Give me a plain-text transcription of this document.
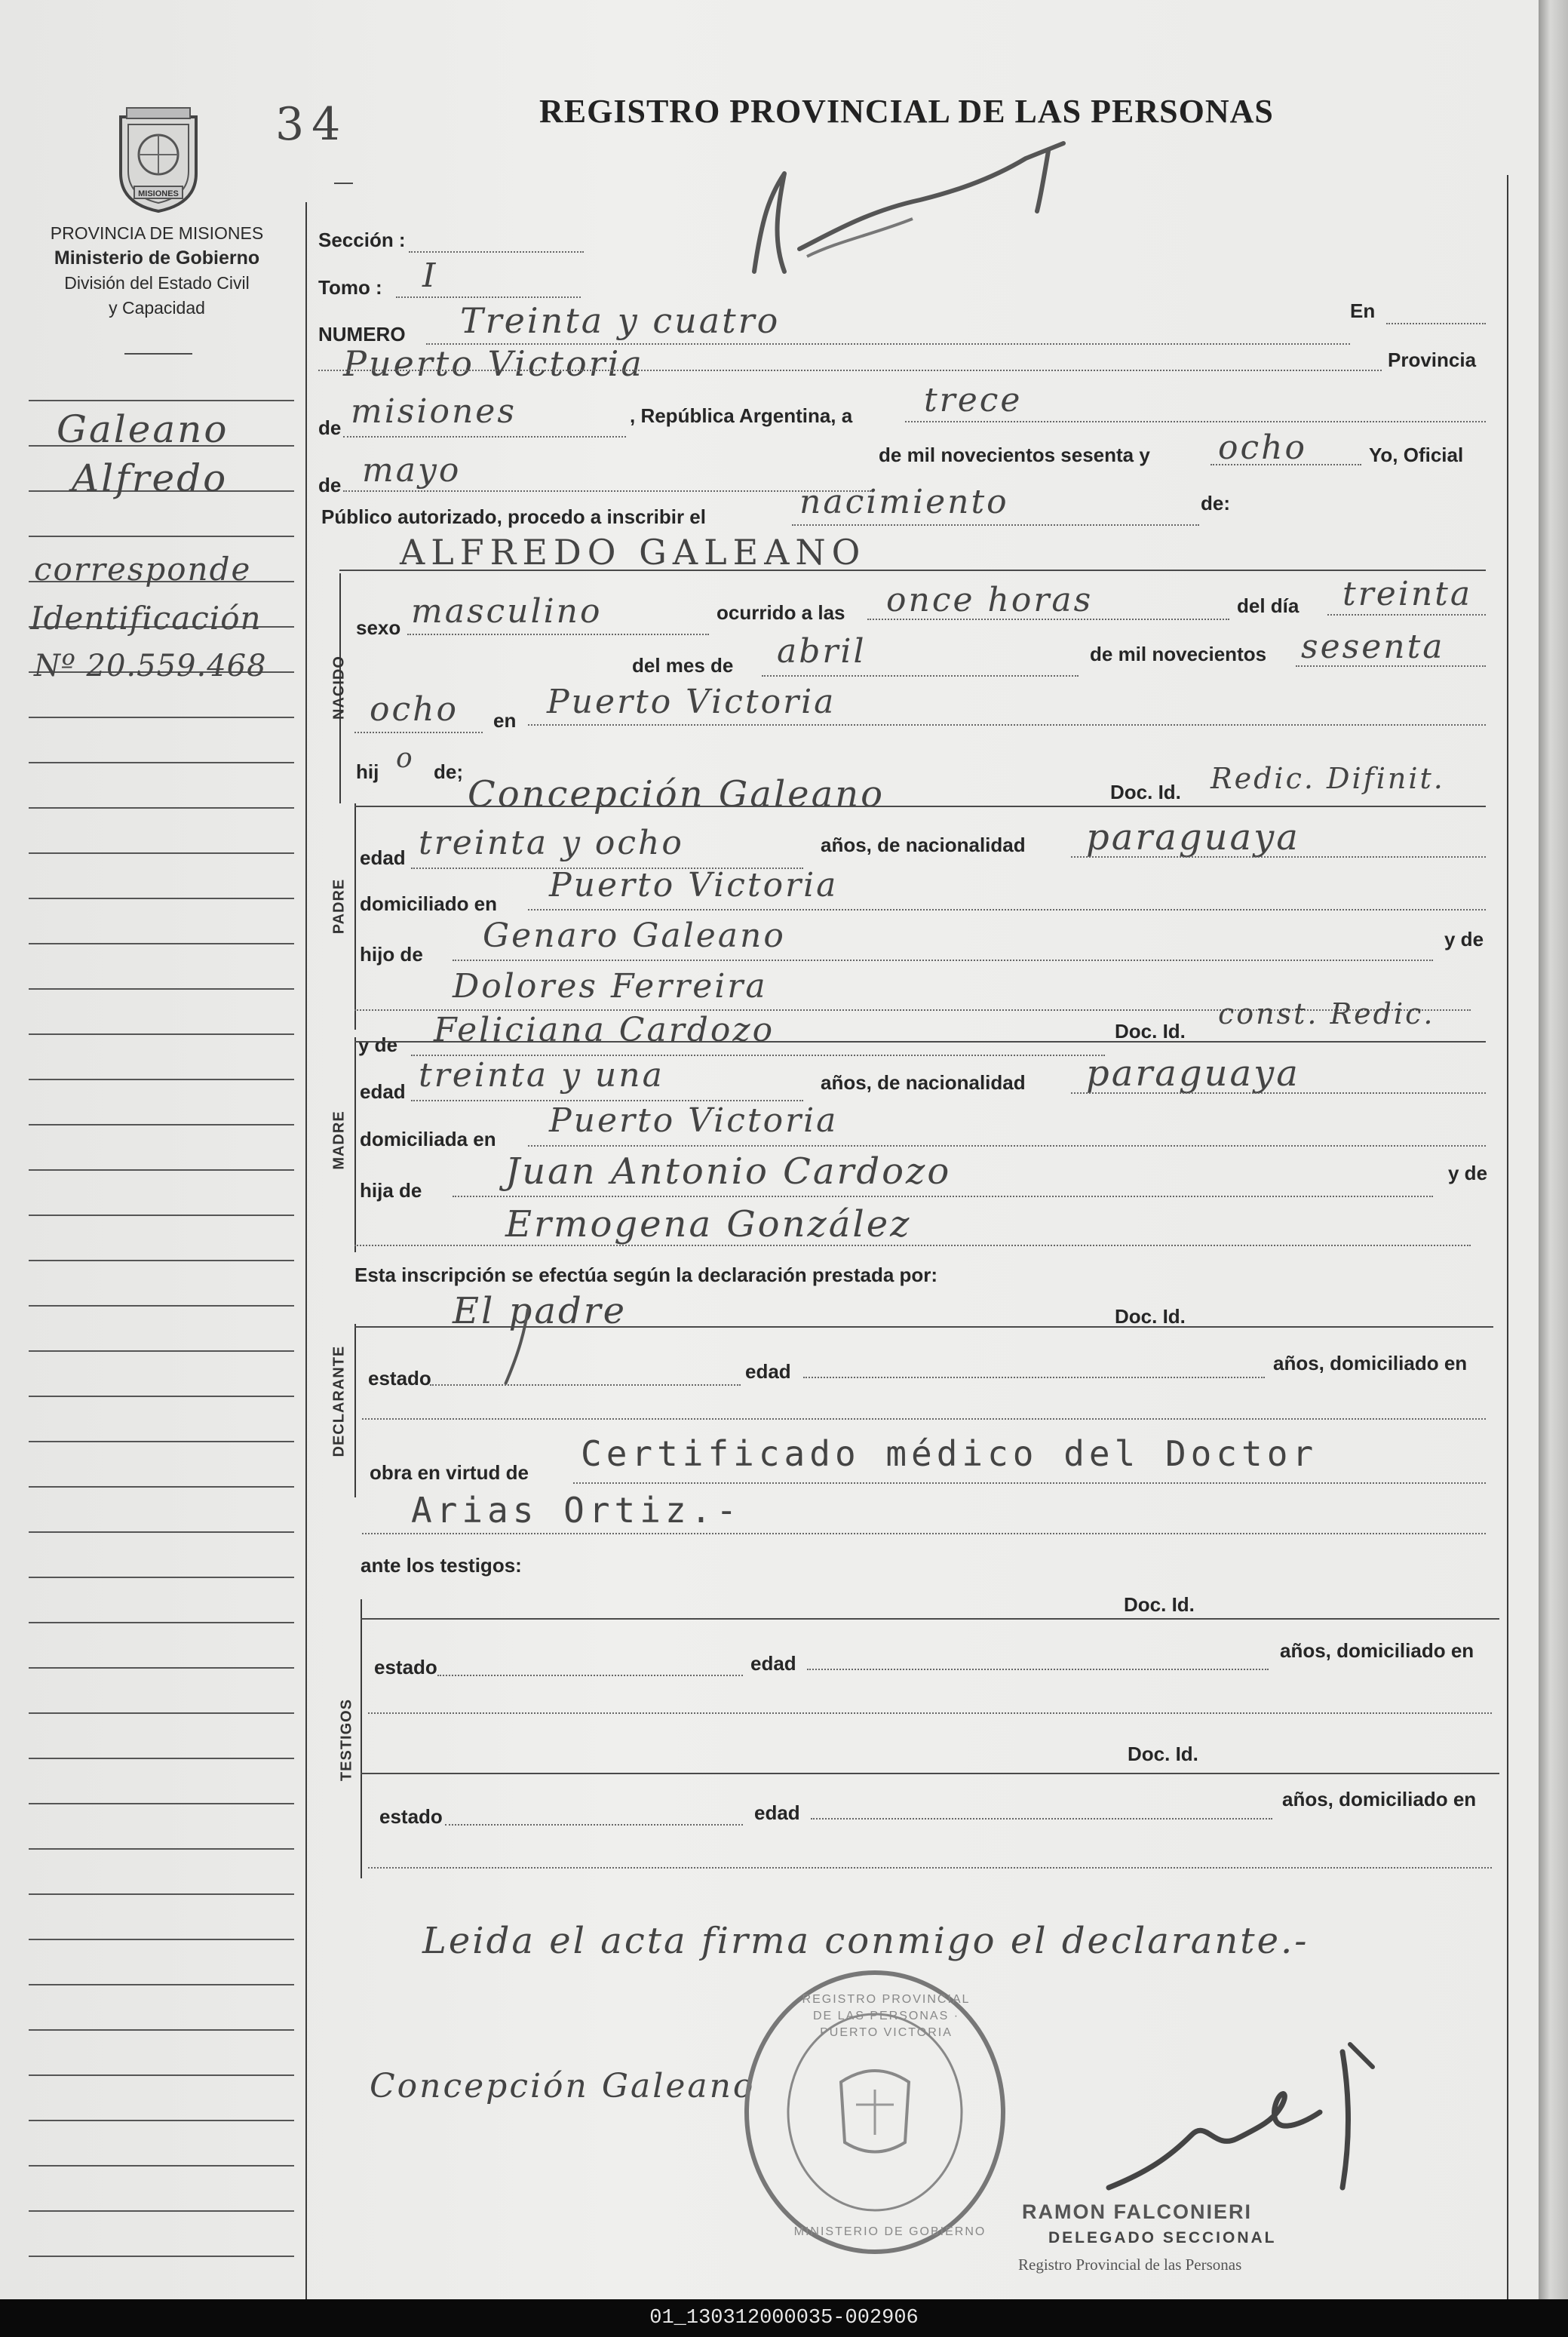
MISIONES
PROVINCIA DE MISIONES
Ministerio de Gobierno
División del Estado Civil
y Capacidad
34	REGISTRO PROVINCIAL DE LAS PERSONAS
Galeano
Alfredo
corresponde
Identificación
Nº 20.559.468
Sección :
Tomo : I
NUMERO Treinta y cuatro	En
Puerto Victoria	Provincia
de misiones	, República Argentina, a trece
de mayo	de mil novecientos sesenta y ocho	Yo, Oficial
Público autorizado, procedo a inscribir el	nacimiento	de:
NACIDO
ALFREDO GALEANO
sexo masculino	ocurrido a las once horas	del día treinta
del mes de abril	de mil novecientos sesenta
ocho en Puerto Victoria
hij o de;
PADRE
Concepción Galeano	Doc. Id. Redic. Difinit.
edad treinta y ocho	años, de nacionalidad paraguaya
domiciliado en Puerto Victoria
hijo de Genaro Galeano	y de
Dolores Ferreira
MADRE
y de Feliciana Cardozo	Doc. Id.
const. Redic.
edad treinta y una	años, de nacionalidad paraguaya
domiciliada en Puerto Victoria
hija de Juan Antonio Cardozo	y de
Ermogena González
Esta inscripción se efectúa según la declaración prestada por:
DECLARANTE
El padre	Doc. Id.
estado	edad	años, domiciliado en
obra en virtud de Certificado médico del Doctor
Arias Ortiz.-
ante los testigos:
TESTIGOS
Doc. Id.
estado	edad
años, domiciliado en
Doc. Id.
estado	edad
años, domiciliado en
Leida el acta firma conmigo el declarante.-
Concepción Galeano
REGISTRO PROVINCIAL DE LAS PERSONAS · PUERTO VICTORIA
MINISTERIO DE GOBIERNO
RAMON FALCONIERI
DELEGADO SECCIONAL
Registro Provincial de las Personas
01_130312000035-002906
